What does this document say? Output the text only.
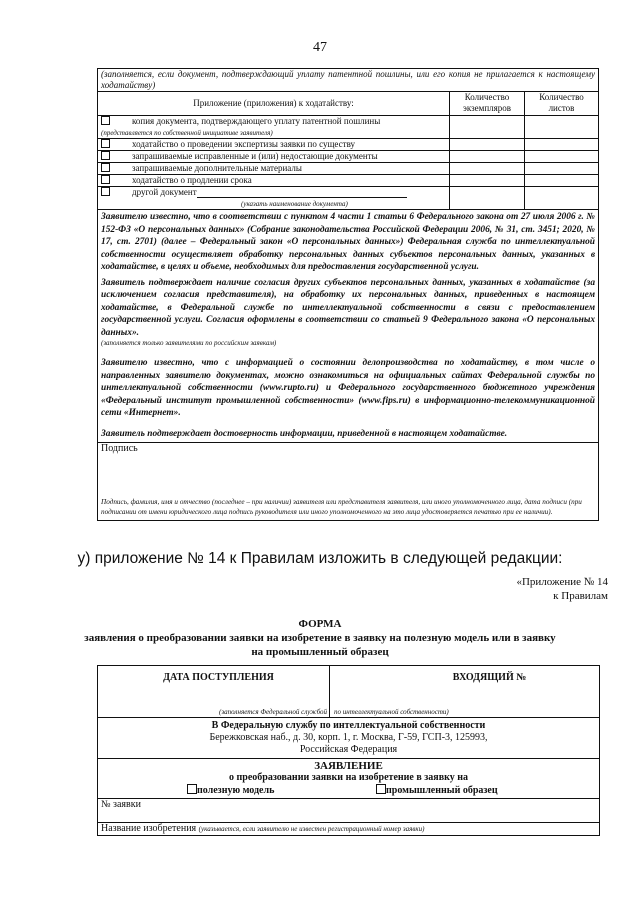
47
(заполняется, если документ, подтверждающий уплату патентной пошлины, или его копия не прилагается к настоящему ходатайству)		
Приложение (приложения) к ходатайству:	Количество экземпляров	Количество листов
копия документа, подтверждающего уплату патентной пошлины
(представляется по собственной инициативе заявителя)		
ходатайство о проведении экспертизы заявки по существу		
запрашиваемые исправленные и (или) недостающие документы		
запрашиваемые дополнительные материалы		
ходатайство о продлении срока		
другой документ
(указать наименование документа)		

Заявителю известно, что в соответствии с пунктом 4 части 1 статьи 6 Федерального закона от 27 июля 2006 г. № 152-ФЗ «О персональных данных» (Собрание законодательства Российской Федерации 2006, № 31, ст. 3451; 2020, № 17, ст. 2701) (далее – Федеральный закон «О персональных данных») Федеральная служба по интеллектуальной собственности осуществляет обработку персональных данных субъектов персональных данных, указанных в ходатайстве, в целях и объеме, необходимых для предоставления государственной услуги.
Заявитель подтверждает наличие согласия других субъектов персональных данных, указанных в ходатайстве (за исключением согласия представителя), на обработку их персональных данных, приведенных в настоящем ходатайстве, в Федеральной службе по интеллектуальной собственности в связи с предоставлением государственной услуги. Согласия оформлены в соответствии со статьей 9 Федерального закона «О персональных данных».
(заполняется только заявителями по российским заявкам)
Заявителю известно, что с информацией о состоянии делопроизводства по ходатайству, в том числе о направленных заявителю документах, можно ознакомиться на официальных сайтах Федеральной службы по интеллектуальной собственности (www.rupto.ru) и Федерального государственного бюджетного учреждения «Федеральный институт промышленной собственности» (www.fips.ru) в информационно-телекоммуникационной сети «Интернет».
Заявитель подтверждает достоверность информации, приведенной в настоящем ходатайстве.		

Подпись
Подпись, фамилия, имя и отчество (последнее – при наличии) заявителя или представителя заявителя, или иного уполномоченного лица, дата подписи (при подписании от имени юридического лица подпись руководителя или иного уполномоченного на это лица удостоверяется печатью при ее наличии).		
у) приложение № 14 к Правилам изложить в следующей редакции:
«Приложение № 14
к Правилам
ФОРМА
заявления о преобразовании заявки на изобретение в заявку на полезную модель или в заявку
на промышленный образец
ДАТА ПОСТУПЛЕНИЯ
(заполняется Федеральной службой

ВХОДЯЩИЙ №
по интеллектуальной собственности)

В Федеральную службу по интеллектуальной собственности
Бережковская наб., д. 30, корп. 1, г. Москва, Г-59, ГСП-3, 125993,
Российская Федерация

ЗАЯВЛЕНИЕ
о преобразовании заявки на изобретение в заявку на
полезную модель	промышленный образец

№ заявки
Название изобретения (указывается, если заявителю не известен регистрационный номер заявки)
